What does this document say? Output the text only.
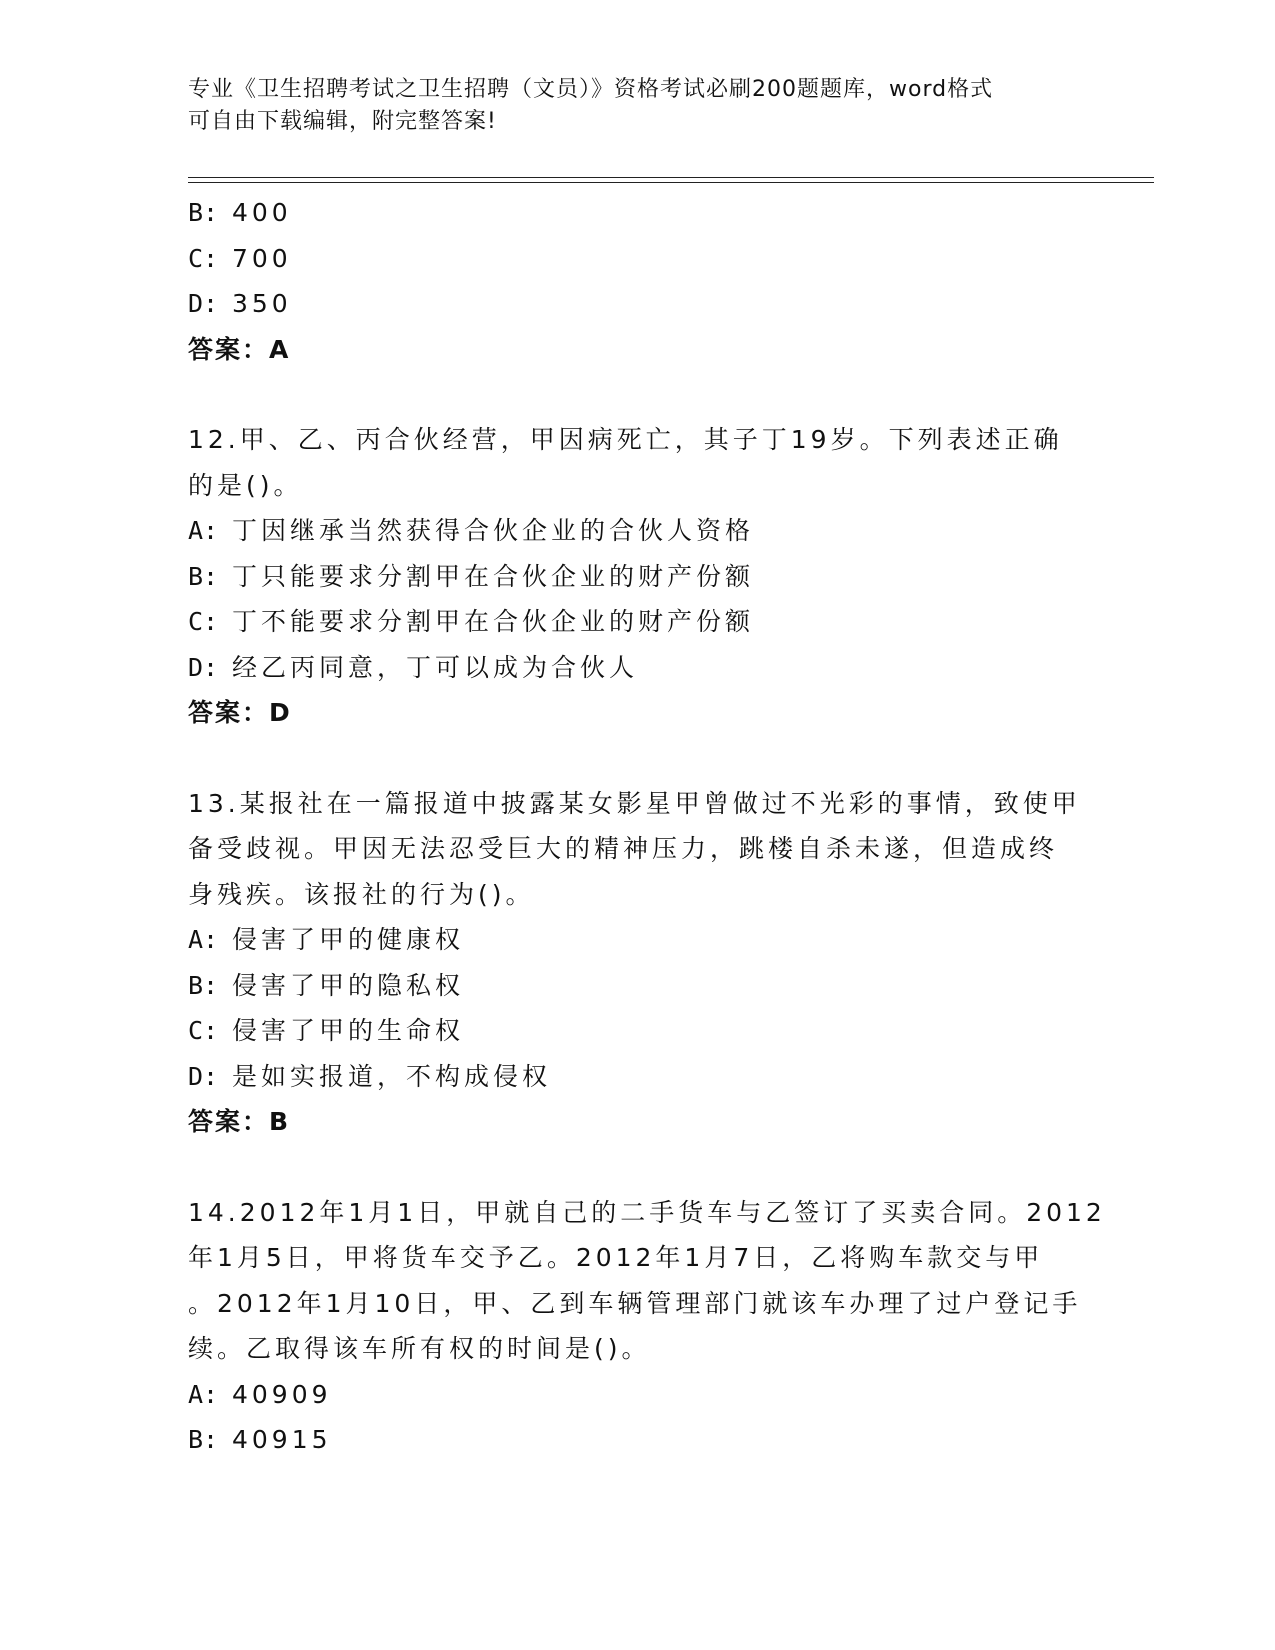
专业《卫生招聘考试之卫生招聘（文员）》资格考试必刷200题题库，word格式
可自由下载编辑，附完整答案!

B: 400

C: 700

D: 350

答案：A

12.甲、乙、丙合伙经营，甲因病死亡，其子丁19岁。下列表述正确

的是()。

A: 丁因继承当然获得合伙企业的合伙人资格

B: 丁只能要求分割甲在合伙企业的财产份额

C: 丁不能要求分割甲在合伙企业的财产份额

D: 经乙丙同意，丁可以成为合伙人

答案：D

13.某报社在一篇报道中披露某女影星甲曾做过不光彩的事情，致使甲

备受歧视。甲因无法忍受巨大的精神压力，跳楼自杀未遂，但造成终

身残疾。该报社的行为()。

A: 侵害了甲的健康权

B: 侵害了甲的隐私权

C: 侵害了甲的生命权

D: 是如实报道，不构成侵权

答案：B

14.2012年1月1日，甲就自己的二手货车与乙签订了买卖合同。2012

年1月5日，甲将货车交予乙。2012年1月7日，乙将购车款交与甲

。2012年1月10日，甲、乙到车辆管理部门就该车办理了过户登记手

续。乙取得该车所有权的时间是()。

A: 40909

B: 40915
